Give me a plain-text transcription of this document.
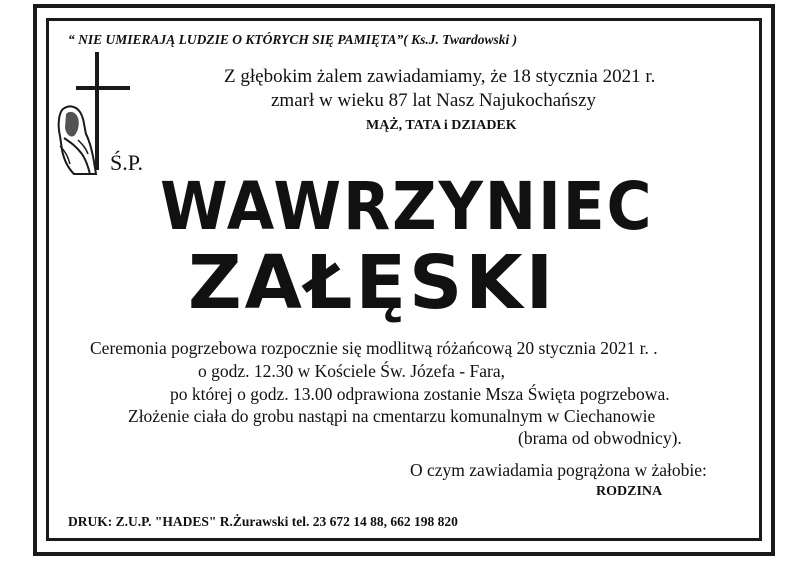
“ NIE UMIERAJĄ LUDZIE O KTÓRYCH SIĘ PAMIĘTA”( Ks.J. Twardowski )
Z głębokim żalem zawiadamiamy, że 18 stycznia 2021 r.
zmarł w wieku 87 lat Nasz Najukochańszy
MĄŻ, TATA i DZIADEK
Ś.P.
WAWRZYNIEC
ZAŁĘSKI
Ceremonia pogrzebowa rozpocznie się modlitwą różańcową 20 stycznia 2021 r. .
o godz. 12.30 w Kościele Św. Józefa - Fara,
po której o godz. 13.00 odprawiona zostanie Msza Święta pogrzebowa.
Złożenie ciała do grobu nastąpi na cmentarzu komunalnym w Ciechanowie
(brama od obwodnicy).
O czym zawiadamia pogrążona w żałobie:
RODZINA
DRUK: Z.U.P. "HADES" R.Żurawski tel. 23 672 14 88, 662 198 820
